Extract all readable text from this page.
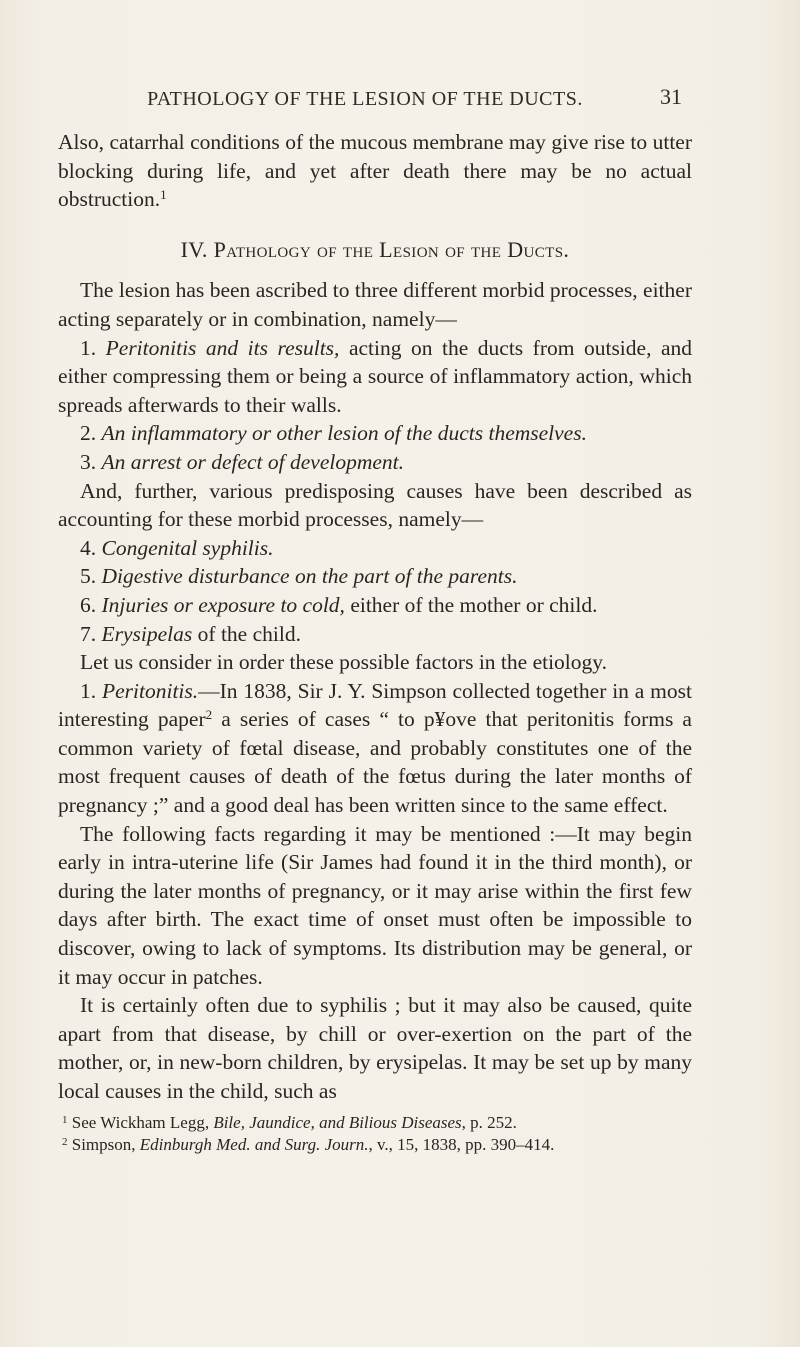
PATHOLOGY OF THE LESION OF THE DUCTS.	31

Also, catarrhal conditions of the mucous membrane may give rise to utter blocking during life, and yet after death there may be no actual obstruction.$^1$

IV. Pathology of the Lesion of the Ducts.

The lesion has been ascribed to three different morbid processes, either acting separately or in combination, namely—

1. Peritonitis and its results, acting on the ducts from outside, and either compressing them or being a source of inflammatory action, which spreads afterwards to their walls.

2. An inflammatory or other lesion of the ducts themselves.

3. An arrest or defect of development.

And, further, various predisposing causes have been described as accounting for these morbid processes, namely—

4. Congenital syphilis.

5. Digestive disturbance on the part of the parents.

6. Injuries or exposure to cold, either of the mother or child.

7. Erysipelas of the child.

Let us consider in order these possible factors in the etiology.

1. Peritonitis.—In 1838, Sir J. Y. Simpson collected together in a most interesting paper$^2$ a series of cases “ to p¥ove that peritonitis forms a common variety of fœtal disease, and probably constitutes one of the most frequent causes of death of the fœtus during the later months of pregnancy ;” and a good deal has been written since to the same effect.

The following facts regarding it may be mentioned :—It may begin early in intra-uterine life (Sir James had found it in the third month), or during the later months of pregnancy, or it may arise within the first few days after birth. The exact time of onset must often be impossible to discover, owing to lack of symptoms. Its distribution may be general, or it may occur in patches.

It is certainly often due to syphilis ; but it may also be caused, quite apart from that disease, by chill or over-exertion on the part of the mother, or, in new-born children, by erysipelas. It may be set up by many local causes in the child, such as

$^1$ See Wickham Legg, Bile, Jaundice, and Bilious Diseases, p. 252.
$^2$ Simpson, Edinburgh Med. and Surg. Journ., v., 15, 1838, pp. 390–414.
